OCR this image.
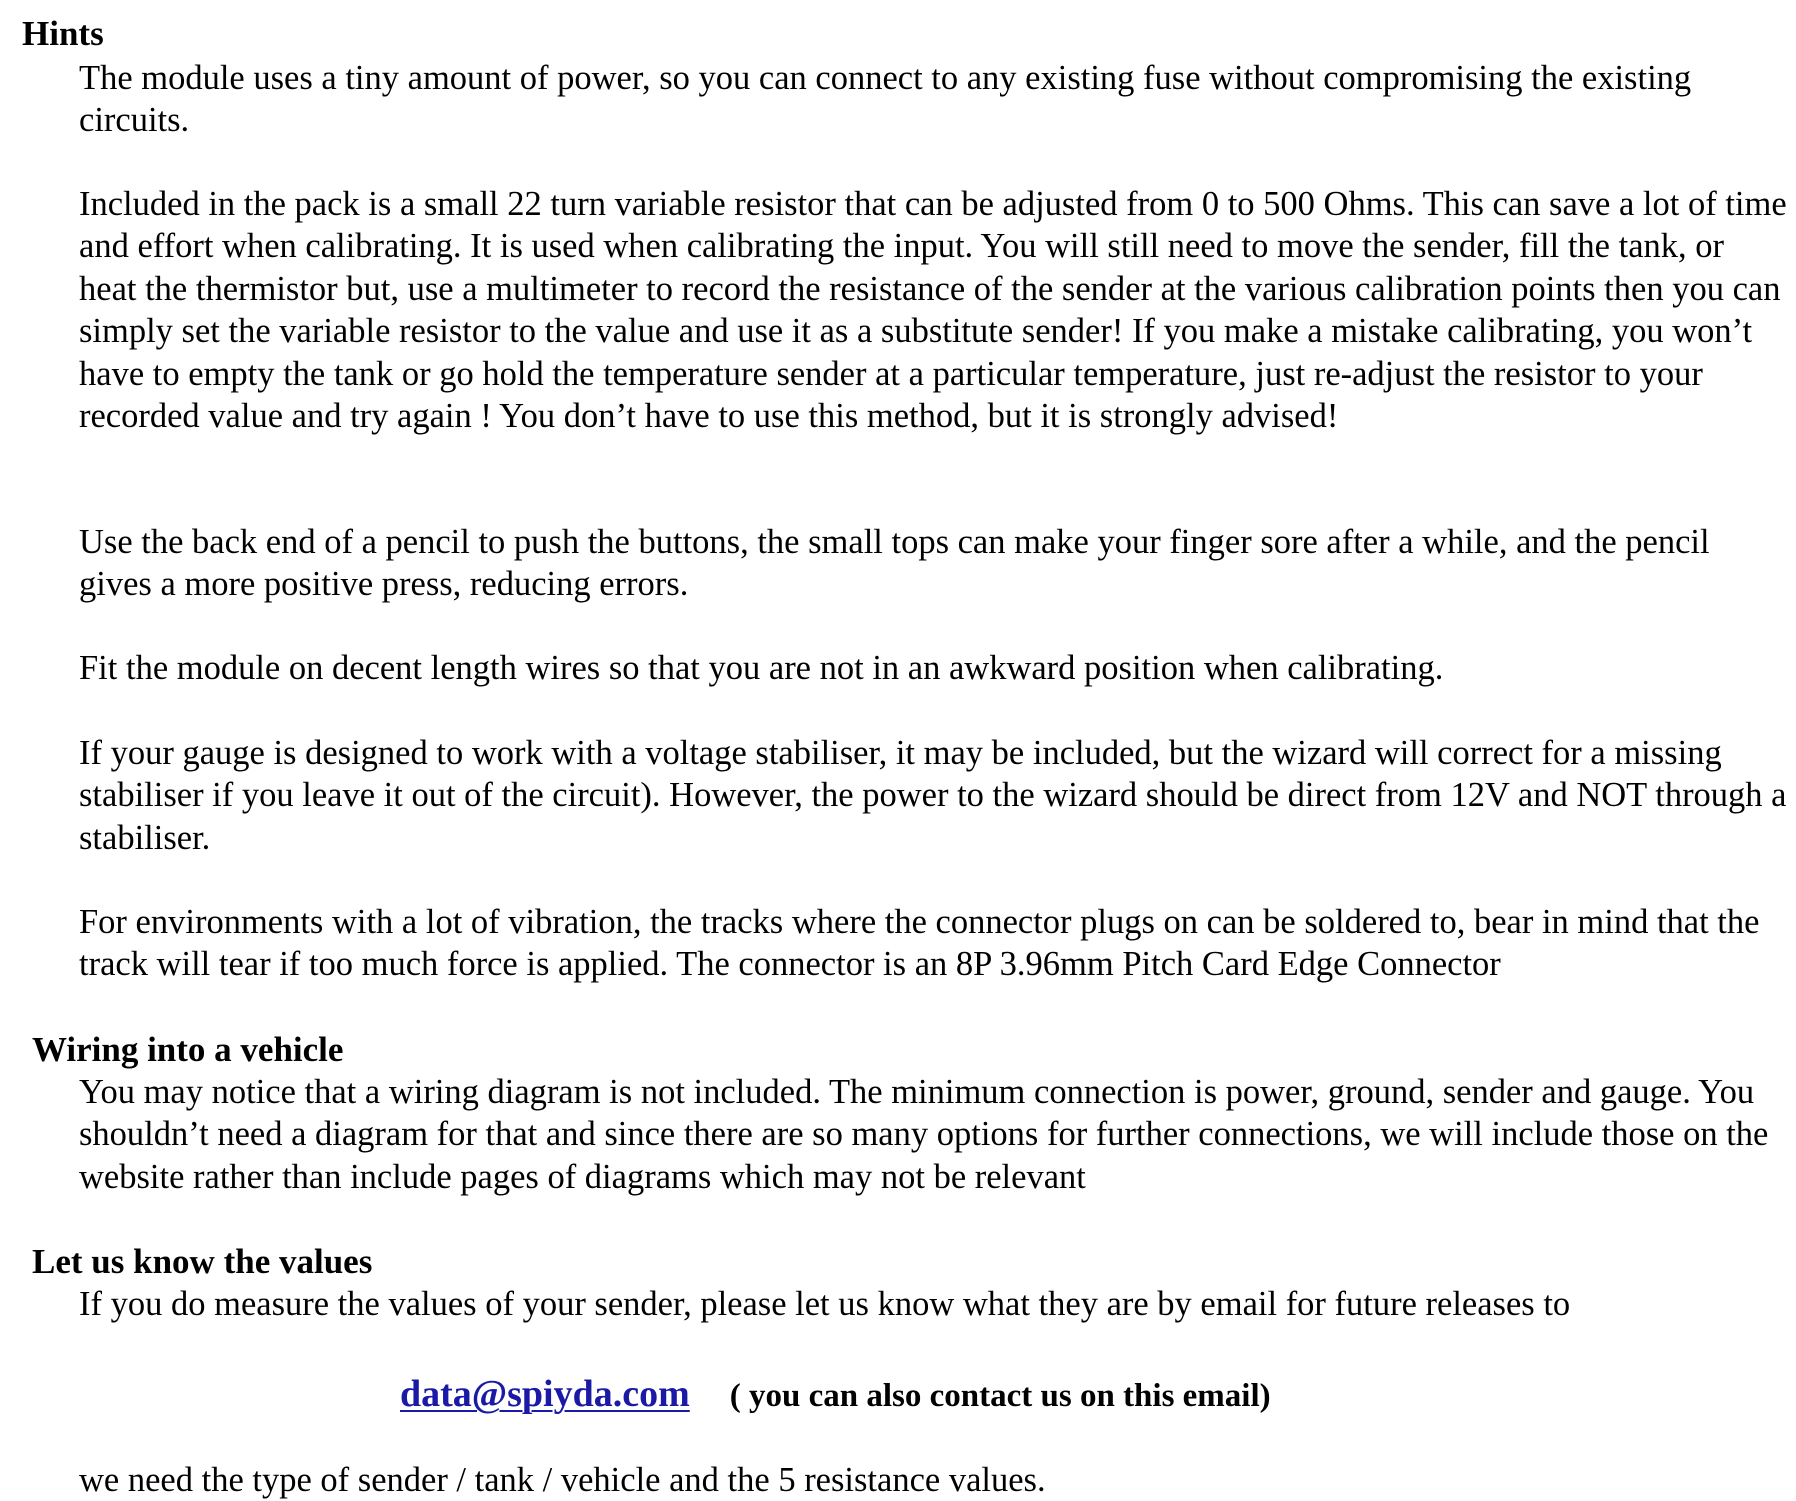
Hints

The module uses a tiny amount of power, so you can connect to any existing fuse without compromising the existing circuits.

Included in the pack is a small 22 turn variable resistor that can be adjusted from 0 to 500 Ohms. This can save a lot of time and effort when calibrating. It is used when calibrating the input. You will still need to move the sender, fill the tank, or heat the thermistor but, use a multimeter to record the resistance of the sender at the various calibration points then you can simply set the variable resistor to the value and use it as a substitute sender! If you make a mistake calibrating, you won’t have to empty the tank or go hold the temperature sender at a particular temperature, just re-adjust the resistor to your recorded value and try again ! You don’t have to use this method, but it is strongly advised!

Use the back end of a pencil to push the buttons, the small tops can make your finger sore after a while, and the pencil gives a more positive press, reducing errors.

Fit the module on decent length wires so that you are not in an awkward position when calibrating.

If your gauge is designed to work with a voltage stabiliser, it may be included, but the wizard will correct for a missing stabiliser if you leave it out of the circuit). However, the power to the wizard should be direct from 12V and NOT through a stabiliser.

For environments with a lot of vibration, the tracks where the connector plugs on can be soldered to, bear in mind that the track will tear if too much force is applied. The connector is an 8P 3.96mm Pitch Card Edge Connector

Wiring into a vehicle

You may notice that a wiring diagram is not included. The minimum connection is power, ground, sender and gauge. You shouldn’t need a diagram for that and since there are so many options for further connections, we will include those on the website rather than include pages of diagrams which may not be relevant

Let us know the values

If you do measure the values of your sender, please let us know what they are by email for future releases to

data@spiyda.com ( you can also contact us on this email)

we need the type of sender / tank / vehicle and the 5 resistance values.
